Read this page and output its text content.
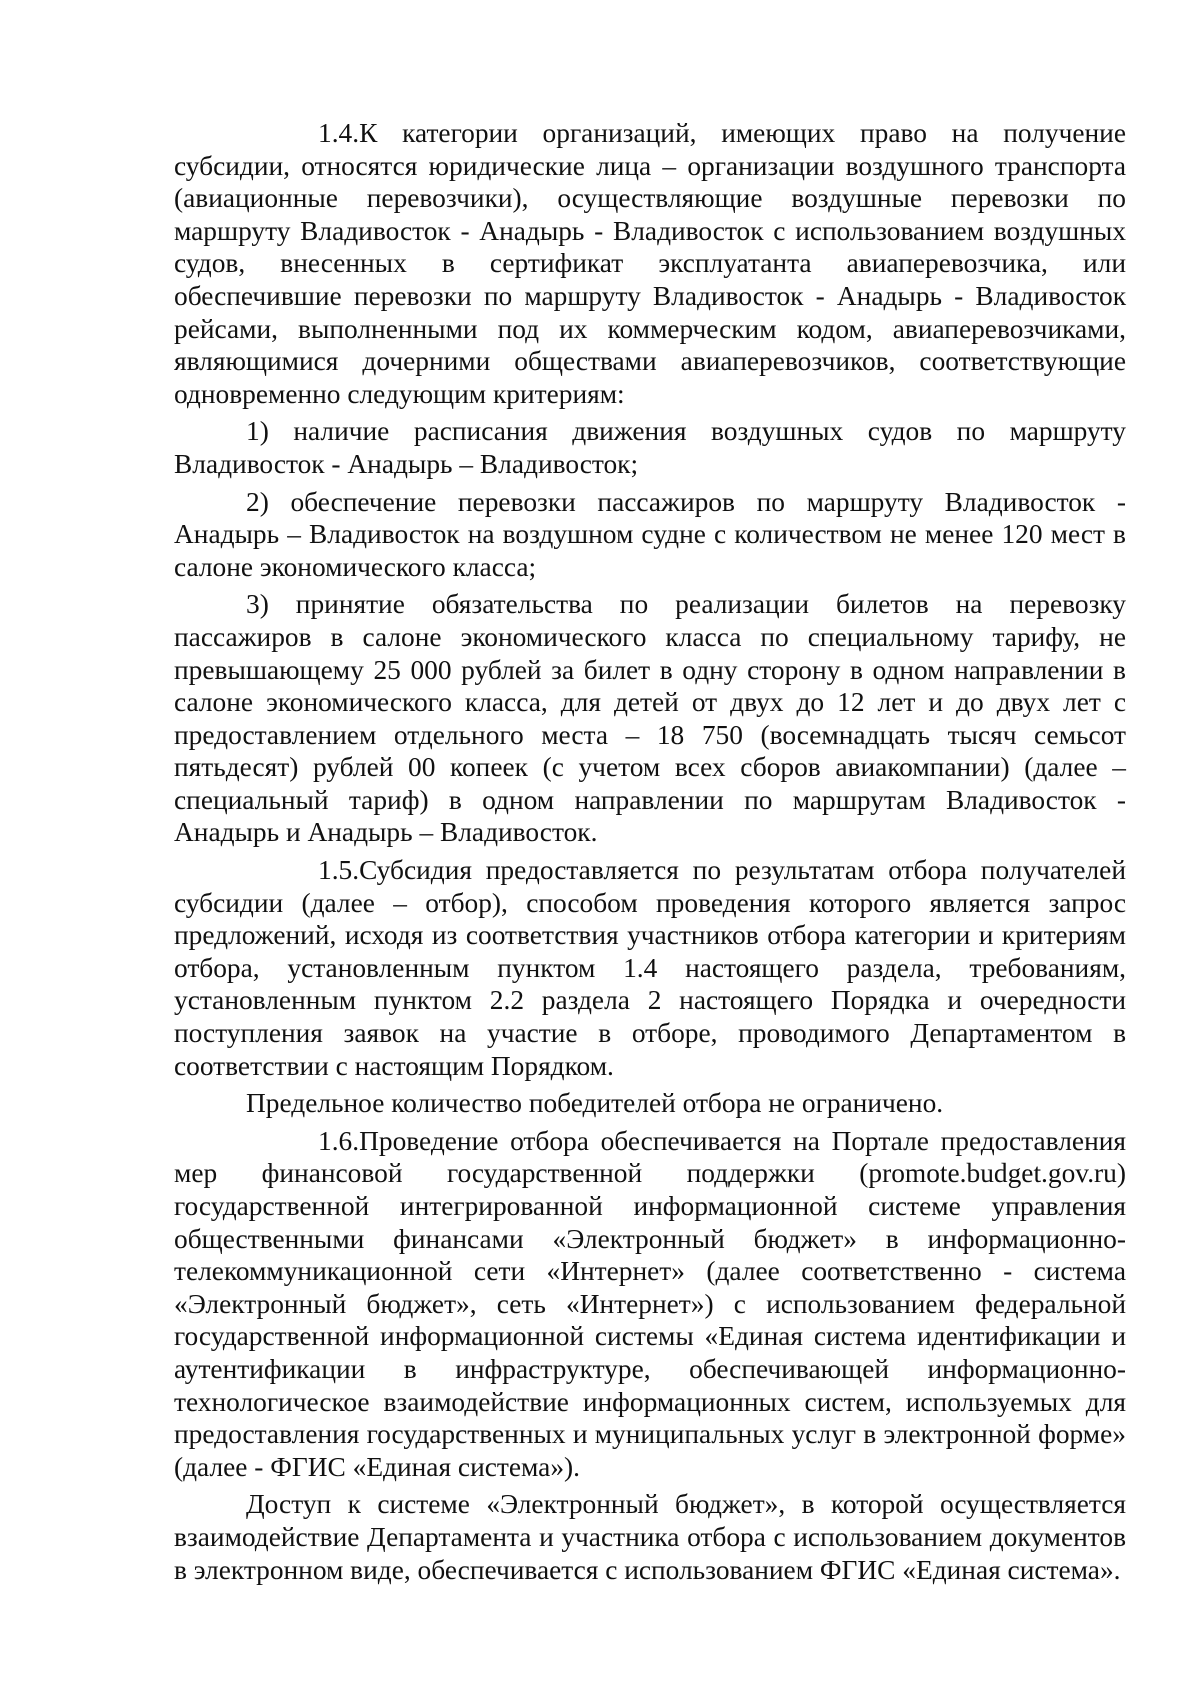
1.4.К категории организаций, имеющих право на получение субсидии, относятся юридические лица – организации воздушного транспорта (авиационные перевозчики), осуществляющие воздушные перевозки по маршруту Владивосток - Анадырь - Владивосток с использованием воздушных судов, внесенных в сертификат эксплуатанта авиаперевозчика, или обеспечившие перевозки по маршруту Владивосток - Анадырь - Владивосток рейсами, выполненными под их коммерческим кодом, авиаперевозчиками, являющимися дочерними обществами авиаперевозчиков, соответствующие одновременно следующим критериям:

1) наличие расписания движения воздушных судов по маршруту Владивосток - Анадырь – Владивосток;

2) обеспечение перевозки пассажиров по маршруту Владивосток - Анадырь – Владивосток на воздушном судне с количеством не менее 120 мест в салоне экономического класса;

3) принятие обязательства по реализации билетов на перевозку пассажиров в салоне экономического класса по специальному тарифу, не превышающему 25 000 рублей за билет в одну сторону в одном направлении в салоне экономического класса, для детей от двух до 12 лет и до двух лет с предоставлением отдельного места – 18 750 (восемнадцать тысяч семьсот пятьдесят) рублей 00 копеек (с учетом всех сборов авиакомпании) (далее – специальный тариф) в одном направлении по маршрутам Владивосток - Анадырь и Анадырь – Владивосток.

1.5.Субсидия предоставляется по результатам отбора получателей субсидии (далее – отбор), способом проведения которого является запрос предложений, исходя из соответствия участников отбора категории и критериям отбора, установленным пунктом 1.4 настоящего раздела, требованиям, установленным пунктом 2.2 раздела 2 настоящего Порядка и очередности поступления заявок на участие в отборе, проводимого Департаментом в соответствии с настоящим Порядком.

Предельное количество победителей отбора не ограничено.

1.6.Проведение отбора обеспечивается на Портале предоставления мер финансовой государственной поддержки (promote.budget.gov.ru) государственной интегрированной информационной системе управления общественными финансами «Электронный бюджет» в информационно-телекоммуникационной сети «Интернет» (далее соответственно - система «Электронный бюджет», сеть «Интернет») с использованием федеральной государственной информационной системы «Единая система идентификации и аутентификации в инфраструктуре, обеспечивающей информационно-технологическое взаимодействие информационных систем, используемых для предоставления государственных и муниципальных услуг в электронной форме» (далее - ФГИС «Единая система»).

Доступ к системе «Электронный бюджет», в которой осуществляется взаимодействие Департамента и участника отбора с использованием документов в электронном виде, обеспечивается с использованием ФГИС «Единая система».
